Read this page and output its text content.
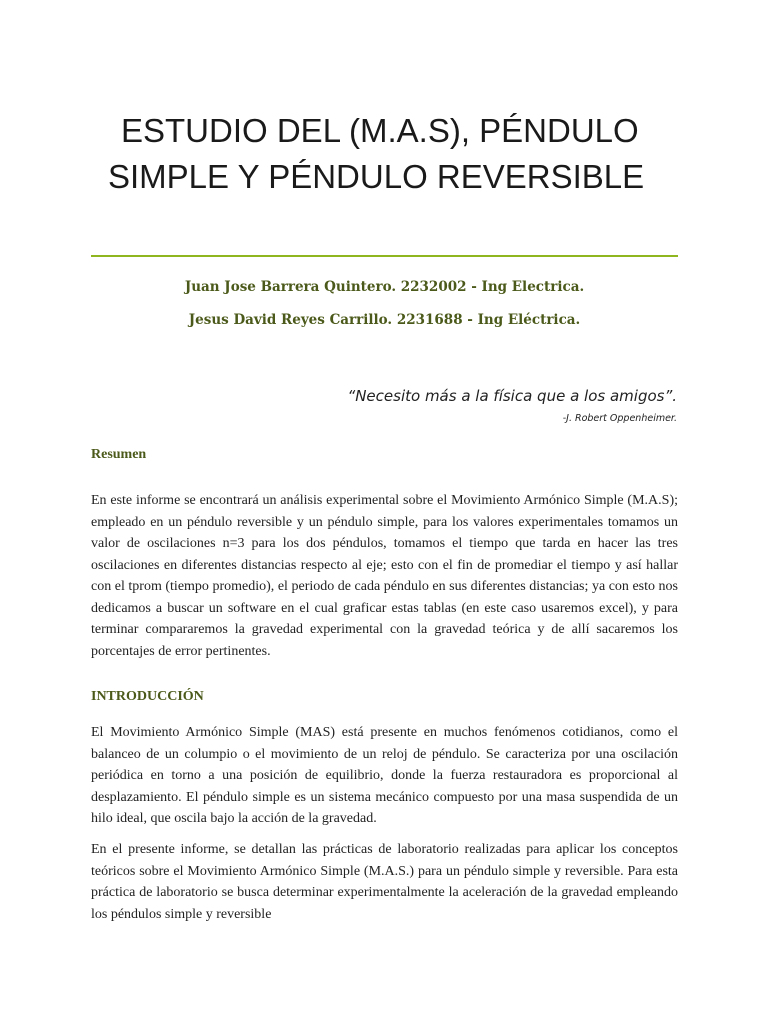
ESTUDIO DEL (M.A.S), PÉNDULO
SIMPLE Y PÉNDULO REVERSIBLE
Juan Jose Barrera Quintero. 2232002 - Ing Electrica.
Jesus David Reyes Carrillo. 2231688 - Ing Eléctrica.
“Necesito más a la física que a los amigos”.
-J. Robert Oppenheimer.
Resumen

En este informe se encontrará un análisis experimental sobre el Movimiento Armónico Simple (M.A.S); empleado en un péndulo reversible y un péndulo simple, para los valores experimentales tomamos un valor de oscilaciones n=3 para los dos péndulos, tomamos el tiempo que tarda en hacer las tres oscilaciones en diferentes distancias respecto al eje; esto con el fin de promediar el tiempo y así hallar con el tprom (tiempo promedio), el periodo de cada péndulo en sus diferentes distancias; ya con esto nos dedicamos a buscar un software en el cual graficar estas tablas (en este caso usaremos excel), y para terminar compararemos la gravedad experimental con la gravedad teórica y de allí sacaremos los porcentajes de error pertinentes.

INTRODUCCIÓN

El Movimiento Armónico Simple (MAS) está presente en muchos fenómenos cotidianos, como el balanceo de un columpio o el movimiento de un reloj de péndulo. Se caracteriza por una oscilación periódica en torno a una posición de equilibrio, donde la fuerza restauradora es proporcional al desplazamiento. El péndulo simple es un sistema mecánico compuesto por una masa suspendida de un hilo ideal, que oscila bajo la acción de la gravedad.

En el presente informe, se detallan las prácticas de laboratorio realizadas para aplicar los conceptos teóricos sobre el Movimiento Armónico Simple (M.A.S.) para un péndulo simple y reversible. Para esta práctica de laboratorio se busca determinar experimentalmente la aceleración de la gravedad empleando los péndulos simple y reversible
